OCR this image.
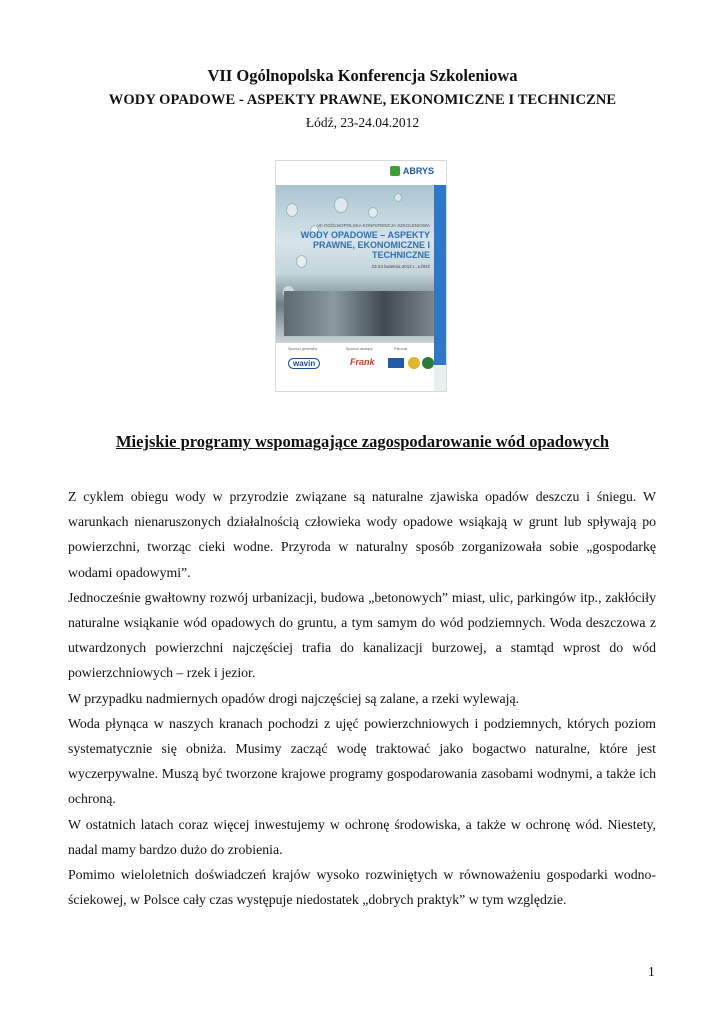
VII Ogólnopolska Konferencja Szkoleniowa
WODY OPADOWE - ASPEKTY PRAWNE, EKONOMICZNE I TECHNICZNE
Łódź, 23-24.04.2012
ABRYS
VII OGÓLNOPOLSKA KONFERENCJA SZKOLENIOWA
WODY OPADOWE – ASPEKTY PRAWNE, EKONOMICZNE I TECHNICZNE
23-24 kwietnia 2012 r., ŁÓDŹ
Sponsor generalny	Sponsor wiodący	Patronat
wavin	Frank
Miejskie programy wspomagające zagospodarowanie wód opadowych

Z cyklem obiegu wody w przyrodzie związane są naturalne zjawiska opadów deszczu i śniegu. W warunkach nienaruszonych działalnością człowieka wody opadowe wsiąkają w grunt lub spływają po powierzchni, tworząc cieki wodne. Przyroda w naturalny sposób zorganizowała sobie „gospodarkę wodami opadowymi”.

Jednocześnie gwałtowny rozwój urbanizacji, budowa „betonowych” miast, ulic, parkingów itp., zakłóciły naturalne wsiąkanie wód opadowych do gruntu, a tym samym do wód podziemnych. Woda deszczowa z utwardzonych powierzchni najczęściej trafia do kanalizacji burzowej, a stamtąd wprost do wód powierzchniowych – rzek i jezior.

W przypadku nadmiernych opadów drogi najczęściej są zalane, a rzeki wylewają.

Woda płynąca w naszych kranach pochodzi z ujęć powierzchniowych i podziemnych, których poziom systematycznie się obniża. Musimy zacząć wodę traktować jako bogactwo naturalne, które jest wyczerpywalne. Muszą być tworzone krajowe programy gospodarowania zasobami wodnymi, a także ich ochroną.

W ostatnich latach coraz więcej inwestujemy w ochronę środowiska, a także w ochronę wód. Niestety, nadal mamy bardzo dużo do zrobienia.

Pomimo wieloletnich doświadczeń krajów wysoko rozwiniętych w równoważeniu gospodarki wodno-ściekowej, w Polsce cały czas występuje niedostatek „dobrych praktyk” w tym względzie.

1
